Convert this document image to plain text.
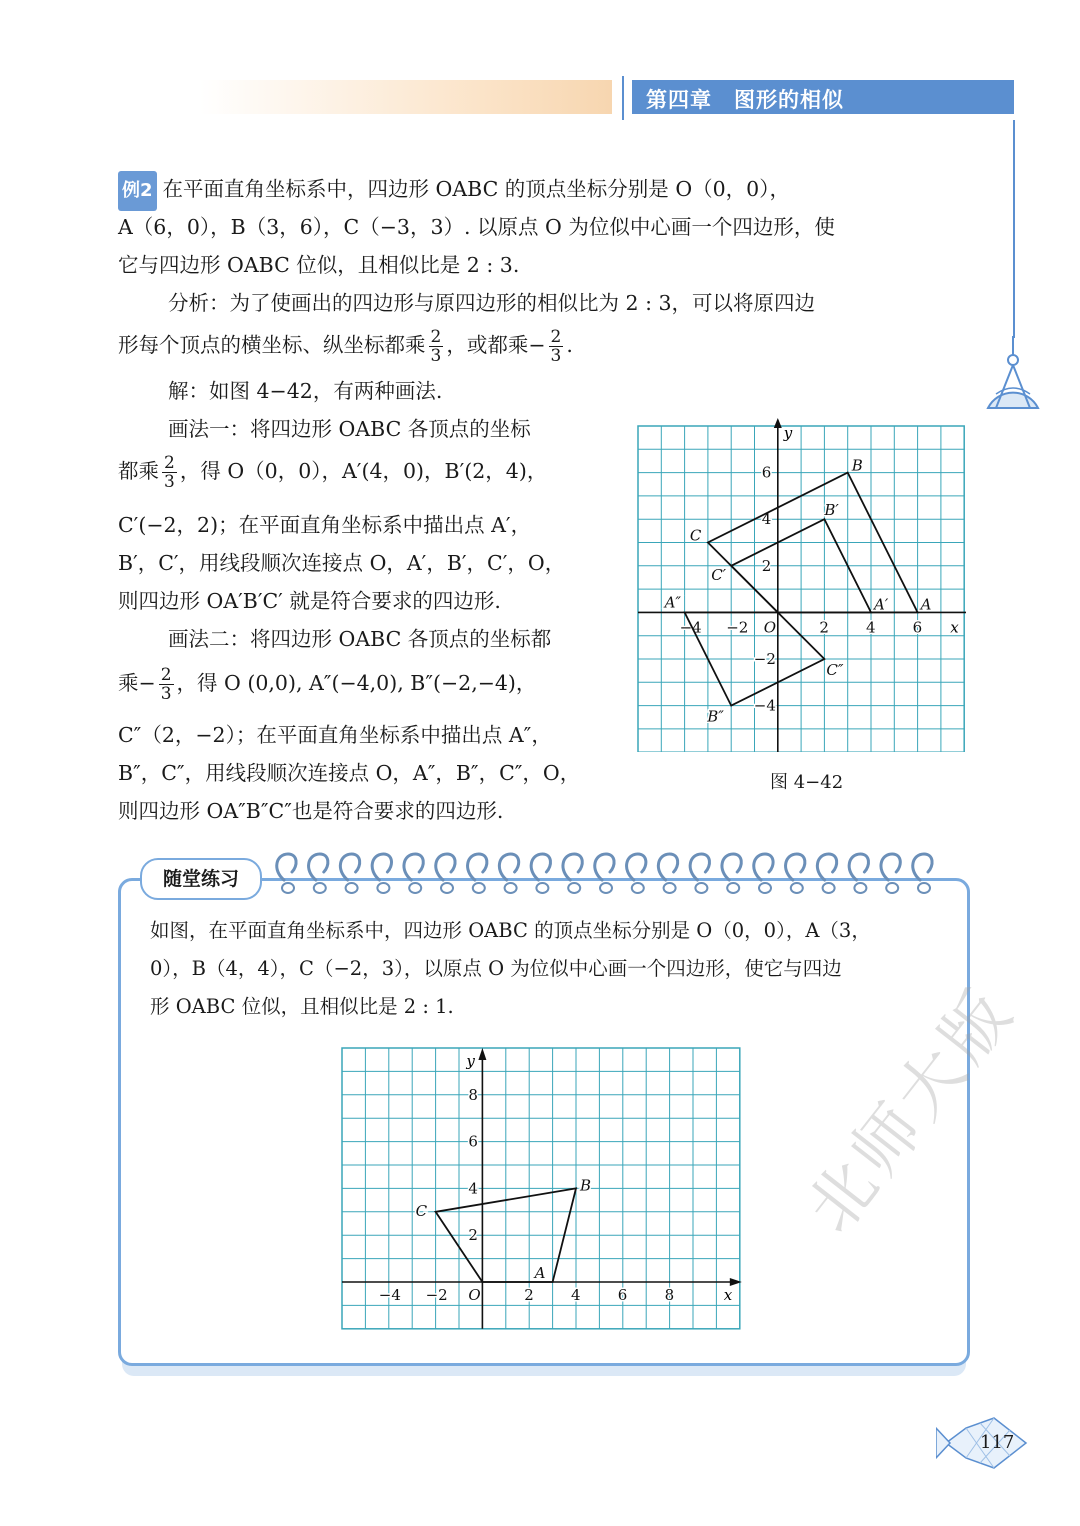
第四章　图形的相似
例2 在平面直角坐标系中，四边形 OABC 的顶点坐标分别是 O（0，0），
A（6，0），B（3，6），C（−3，3）. 以原点 O 为位似中心画一个四边形，使
它与四边形 OABC 位似，且相似比是 2 : 3.
分析：为了使画出的四边形与原四边形的相似比为 2 : 3，可以将原四边
形每个顶点的横坐标、纵坐标都乘 $\frac{2}{3}$ ，或都乘− $\frac{2}{3}$ .
解：如图 4−42，有两种画法.
画法一：将四边形 OABC 各顶点的坐标
都乘 $\frac{2}{3}$ ，得 O（0，0），A′(4，0)，B′(2，4)，
C′(−2，2)；在平面直角坐标系中描出点 A′，
B′，C′，用线段顺次连接点 O，A′，B′，C′，O，
则四边形 OA′B′C′ 就是符合要求的四边形.
画法二：将四边形 OABC 各顶点的坐标都
乘− $\frac{2}{3}$ ，得 O (0,0), A″(−4,0), B″(−2,−4)，
C″（2，−2）；在平面直角坐标系中描出点 A″，
B″，C″，用线段顺次连接点 O，A″，B″，C″，O，
则四边形 OA″B″C″也是符合要求的四边形.
x
y
−4 −2 O	2 4 6
6
4
2
−2
−4
B
C
A
B′
C′
A′
A″
B″
C″
图 4−42
随堂练习
如图，在平面直角坐标系中，四边形 OABC 的顶点坐标分别是 O（0，0），A（3，
0），B（4，4），C（−2，3），以原点 O 为位似中心画一个四边形，使它与四边
形 OABC 位似，且相似比是 2 : 1.
x
y
−4 −2 O	2 4 6 8
8
6
4
2
A
B
C	北师大版
117
